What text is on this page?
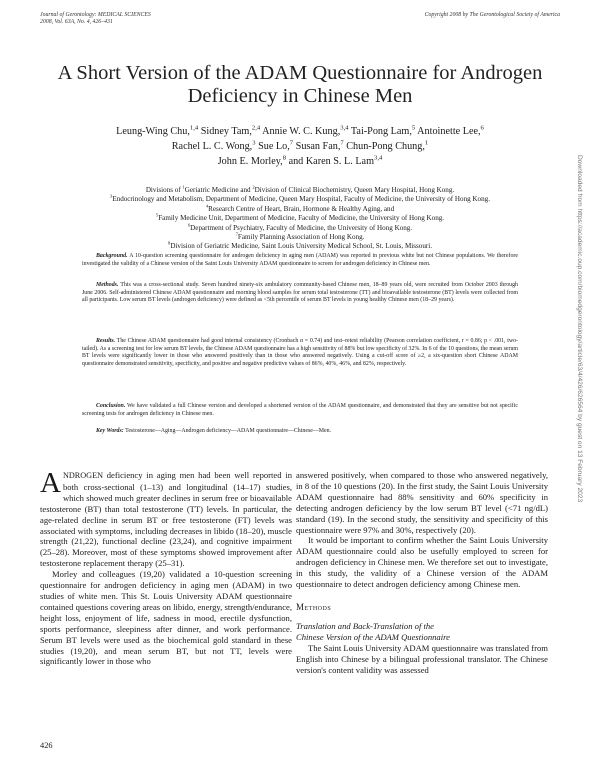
Journal of Gerontology: MEDICAL SCIENCES
2008, Vol. 63A, No. 4, 426–431
Copyright 2008 by The Gerontological Society of America
A Short Version of the ADAM Questionnaire for Androgen Deficiency in Chinese Men
Leung-Wing Chu,$^{1,4}$ Sidney Tam,$^{2,4}$ Annie W. C. Kung,$^{3,4}$ Tai-Pong Lam,$^5$ Antoinette Lee,$^6$
Rachel L. C. Wong,$^3$ Sue Lo,$^7$ Susan Fan,$^7$ Chun-Pong Chung,$^1$
John E. Morley,$^8$ and Karen S. L. Lam$^{3,4}$
Divisions of $^1$Geriatric Medicine and $^2$Division of Clinical Biochemistry, Queen Mary Hospital, Hong Kong.
$^3$Endocrinology and Metabolism, Department of Medicine, Queen Mary Hospital, Faculty of Medicine, the University of Hong Kong.
$^4$Research Centre of Heart, Brain, Hormone & Healthy Aging, and
$^5$Family Medicine Unit, Department of Medicine, Faculty of Medicine, the University of Hong Kong.
$^6$Department of Psychiatry, Faculty of Medicine, the University of Hong Kong.
$^7$Family Planning Association of Hong Kong.
$^8$Division of Geriatric Medicine, Saint Louis University Medical School, St. Louis, Missouri.

Background. A 10-question screening questionnaire for androgen deficiency in aging men (ADAM) was reported in previous white but not Chinese populations. We therefore investigated the validity of a Chinese version of the Saint Louis University ADAM questionnaire to screen for androgen deficiency in Chinese men.

Methods. This was a cross-sectional study. Seven hundred ninety-six ambulatory community-based Chinese men, 18–89 years old, were recruited from October 2003 through June 2006. Self-administered Chinese ADAM questionnaire and morning blood samples for serum total testosterone (TT) and bioavailable testosterone (BT) levels were collected from all participants. Low serum BT levels (androgen deficiency) were defined as <5th percentile of serum BT levels in young healthy Chinese men (18–29 years).

Results. The Chinese ADAM questionnaire had good internal consistency (Cronbach α = 0.74) and test–retest reliability (Pearson correlation coefficient, r = 0.86; p < .001, two-tailed). As a screening test for low serum BT levels, the Chinese ADAM questionnaire has a high sensitivity of 88% but low specificity of 32%. In 6 of the 10 questions, the mean serum BT levels were significantly lower in those who answered positively than in those who answered negatively. Using a cut-off score of ≥2, a six-question short Chinese ADAM questionnaire demonstrated sensitivity, specificity, and positive and negative predictive values of 86%, 40%, 46%, and 82%, respectively.

Conclusion. We have validated a full Chinese version and developed a shortened version of the ADAM questionnaire, and demonstrated that they are sensitive but not specific screening tests for androgen deficiency in Chinese men.

Key Words: Testosterone—Aging—Androgen deficiency—ADAM questionnaire—Chinese—Men.

ANDROGEN deficiency in aging men had been well reported in both cross-sectional (1–13) and longitudinal (14–17) studies, which showed much greater declines in serum free or bioavailable testosterone (BT) than total testosterone (TT) levels. In particular, the age-related decline in serum BT or free testosterone (FT) levels was associated with symptoms, including decreases in libido (18–20), muscle strength (21,22), functional decline (23,24), and cognitive impairment (25–28). Moreover, most of these symptoms showed improvement after testosterone replacement therapy (25–31).

Morley and colleagues (19,20) validated a 10-question screening questionnaire for androgen deficiency in aging men (ADAM) in two studies of white men. This St. Louis University ADAM questionnaire contained questions covering areas on libido, energy, strength/endurance, height loss, enjoyment of life, sadness in mood, erectile dysfunction, sports performance, sleepiness after dinner, and work performance. Serum BT levels were used as the biochemical gold standard in these studies (19,20), and mean serum BT, but not TT, levels were significantly lower in those who

answered positively, when compared to those who answered negatively, in 8 of the 10 questions (20). In the first study, the Saint Louis University ADAM questionnaire had 88% sensitivity and 60% specificity in detecting androgen deficiency by the low serum BT level (<71 ng/dL) standard (19). In the second study, the sensitivity and specificity of this questionnaire were 97% and 30%, respectively (20).

It would be important to confirm whether the Saint Louis University ADAM questionnaire could also be usefully employed to screen for androgen deficiency in Chinese men. We therefore set out to investigate, in this study, the validity of a Chinese version of the ADAM questionnaire to detect androgen deficiency among Chinese men.

Methods

Translation and Back-Translation of the
Chinese Version of the ADAM Questionnaire

The Saint Louis University ADAM questionnaire was translated from English into Chinese by a bilingual professional translator. The Chinese version's content validity was assessed

426
Downloaded from https://academic.oup.com/biomedgerontology/article/63/4/426/626564 by guest on 13 February 2023
